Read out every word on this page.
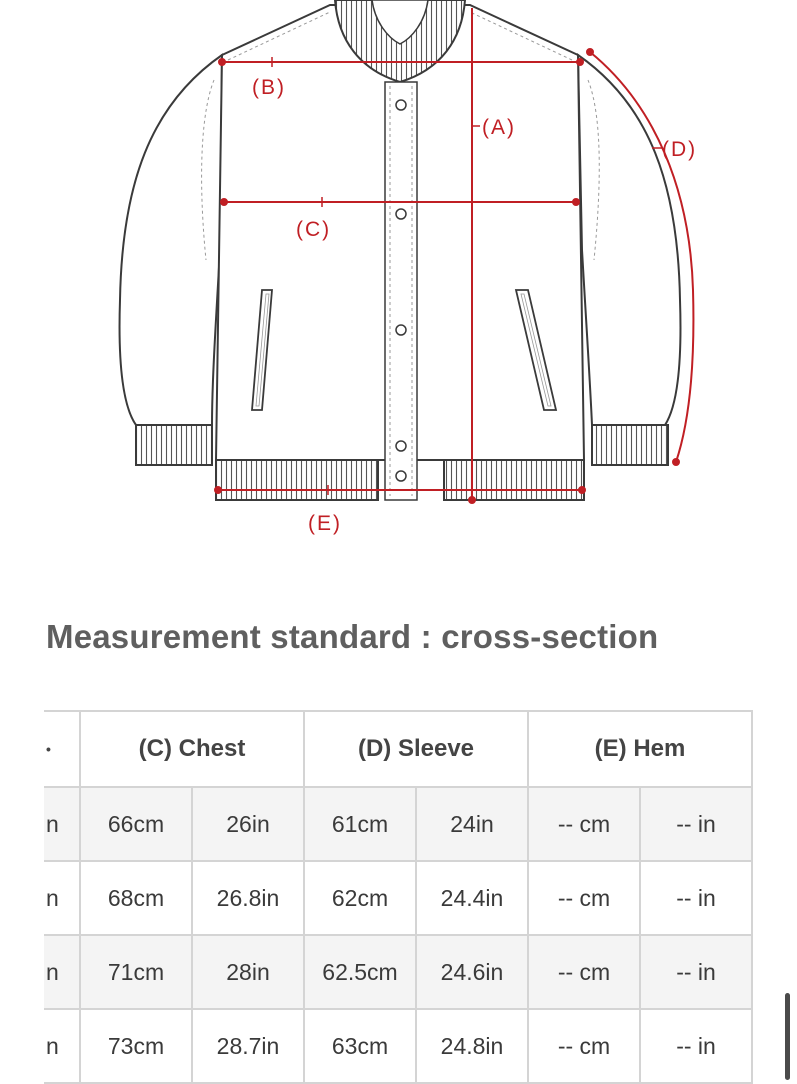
(B)
(A)
(C)
(D)
(E)
Measurement standard : cross-section
•	(C) Chest		(D) Sleeve		(E) Hem	
n	66cm	26in	61cm	24in	-- cm	-- in
n	68cm	26.8in	62cm	24.4in	-- cm	-- in
n	71cm	28in	62.5cm	24.6in	-- cm	-- in
n	73cm	28.7in	63cm	24.8in	-- cm	-- in
